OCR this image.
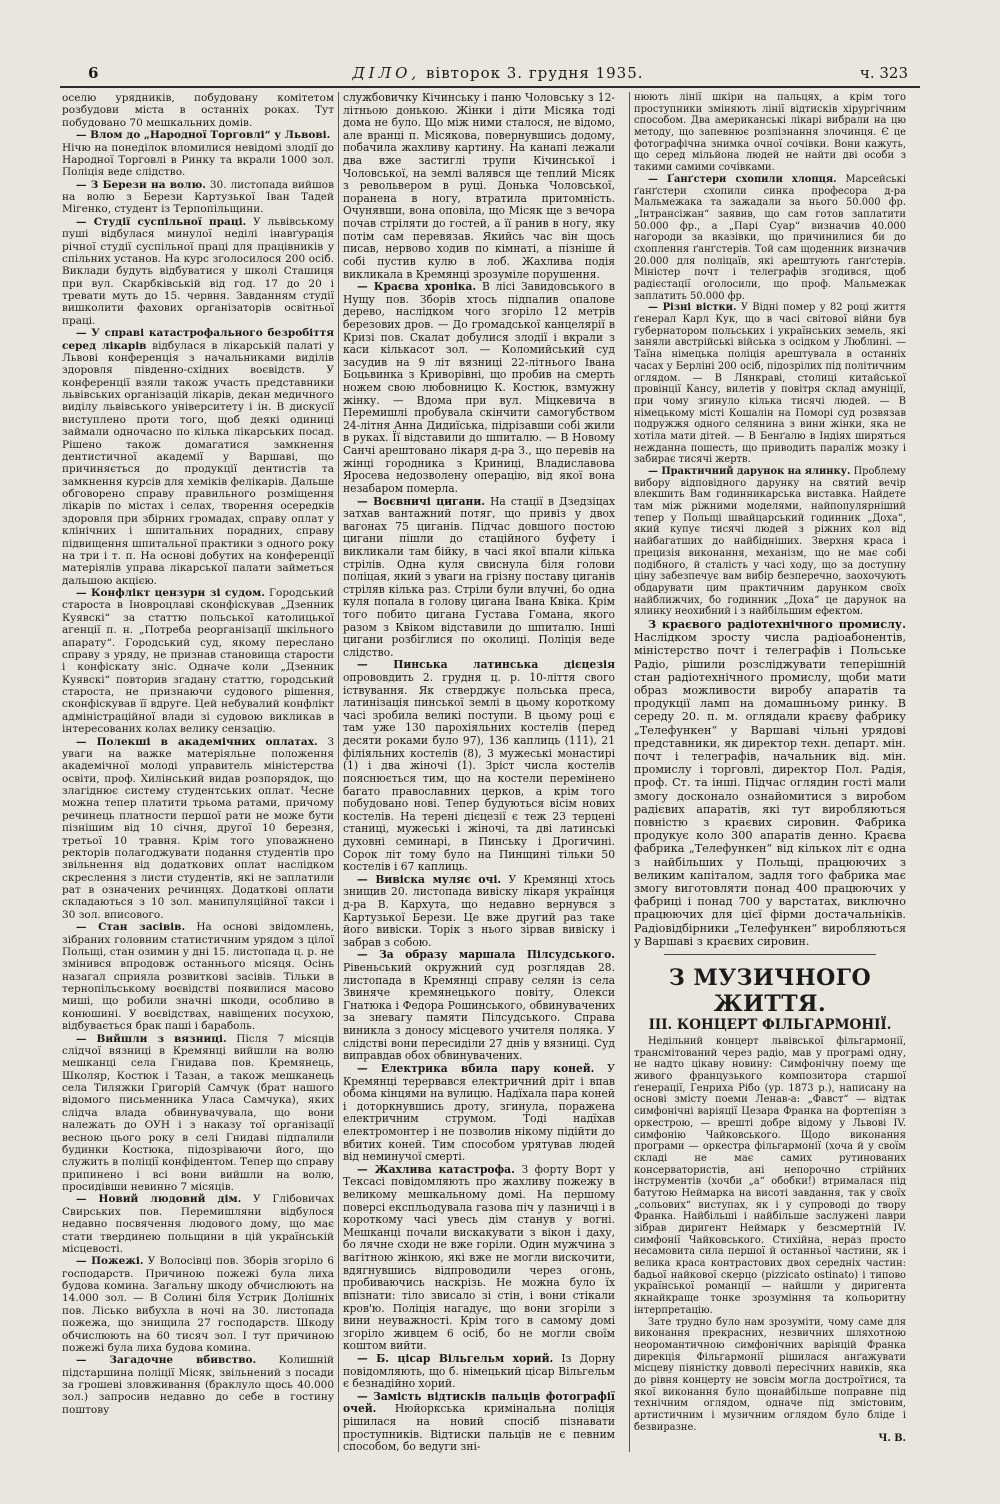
6	ДІЛО, вівторок 3. грудня 1935.	ч. 323

оселю урядників, побудовану комітетом розбудови міста в останніх роках. Тут побудовано 70 мешкальних домів.

— Влом до „Народної Торговлі“ у Львові.

Нічю на понеділок вломилися невідомі злодії до Народної Торговлі в Ринку та вкрали 1000 зол. Поліція веде слідство.

— З Берези на волю. 30. листопада вийшов на волю з Берези Картузької Іван Тадей Мігенко, студент із Терпопільщини.

— Студії суспільної праці. У львівському пуші відбулася минулої неділі інавґурація річної студії суспільної праці для працівників у спільних установ. На курс зголосилося 200 осіб. Виклади будуть відбуватися у школі Сташиця при вул. Скарбківській від год. 17 до 20 і тревати муть до 15. червня. Завданням студії вишколити фахових організаторів освітньої праці.

— У справі катастрофального безробіття серед лікарів відбулася в лікарській палаті у Львові конференція з начальниками виділів здоровля південно-східних воєвідств. У конференції взяли також участь представники львівських організацій лікарів, декан медичного виділу львівського університету і ін. В дискусії виступлено проти того, щоб деякі одиниці займали одночасно по кілька лікарських посад. Рішено також домагатися замкнення дентистичної академії у Варшаві, що причиняється до продукції дентистів та замкнення курсів для хеміків фелікарів. Дальше обговорено справу правильного розміщення лікарів по містах і селах, творення осередків здоровля при збірних громадах, справу оплат у клінічних і шпитальних порадних, справу підвищення шпитальної практики з одного року на три і т. п. На основі добутих на конференції матеріялів управа лікарської палати займеться дальшою акцією.

— Конфлікт цензури зі судом. Городський староста в Іновроцлаві сконфіскував „Дзенник Куявскі“ за статтю польської католицької агенції п. н. „Потреба реорганізації шкільного апарату“. Городський суд, якому переслано справу з уряду, не признав становища старости і конфіскату зніс. Одначе коли „Дзенник Куявскі“ повторив згадану статтю, городський староста, не признаючи судового рішення, сконфіскував її вдруге. Цей небувалий конфлікт адміністраційної влади зі судовою викликав в інтересованих колах велику сензацію.

— Полекші в академічних оплатах. З уваги на важке матеріяльне положення академічної молоді управитель міністерства освіти, проф. Хилінський видав розпорядок, що злагіднює систему студентських оплат. Чесне можна тепер платити трьома ратами, причому речинець платности першої рати не може бути пізнішим від 10 січня, другої 10 березня, третьої 10 травня. Крім того уповажнено ректорів полагоджувати подання студентів про звільнення від додаткових оплат наслідком скреслення з листи студентів, які не заплатили рат в означених речинцях. Додаткові оплати складаються з 10 зол. манипуляційної такси і 30 зол. вписового.

— Стан засівів. На основі звідомлень, зібраних головним статистичним урядом з цілої Польщі, стан озимин у дні 15. листопада ц. р. не змінився впродовж останнього місяця. Осінь назагал сприяла розвиткові засівів. Тільки в тернопільському воєвідстві появилися масово миші, що робили значні шкоди, особливо в конюшині. У воєвідствах, навіщених посухою, відбувається брак паші і бараболь.

— Вийшли з вязниці. Після 7 місяців слідчої вязниці в Кремянці вийшли на волю мешканці села Гнидава пов. Кремянець, Школяр, Костюк і Тазан, а також мешканець села Тиляжки Григорій Самчук (брат нашого відомого письменника Уласа Самчука), яких слідча влада обвинувачувала, що вони належать до ОУН і з наказу тої організації весною цього року в селі Гнидаві підпалили будинки Костюка, підозріваючи його, що служить в поліції конфідентом. Тепер що справу припинено і всі вони вийшли на волю, просидівши невинно 7 місяців.

— Новий людовий дім. У Глібовичах Свирських пов. Перемишляни відбулося недавно посвячення людового дому, що має стати твердинею польщини в цій українській місцевості.

— Пожежі. У Волосівці пов. Зборів згоріло 6 господарств. Причиною пожежі була лиха будова комина. Загальну шкоду обчислюють на 14.000 зол. — В Солині біля Устрик Долішніх пов. Лісько вибухла в ночі на 30. листопада пожежа, що знищила 27 господарств. Шкоду обчислюють на 60 тисяч зол. І тут причиною пожежі була лиха будова комина.

— Загадочне вбивство. Колишній підстаршина поліції Місяк, звільнений з посади за грошеві зловживання (браклуло щось 40.000 зол.) запросив недавно до себе в гостину поштову

службовичку Кічинську і паню Чоловську з 12-літньою донькою. Жінки і діти Місяка тоді дома не було. Що між ними сталося, не відомо, але вранці п. Місякова, повернувшись додому, побачила жахливу картину. На канапі лежали два вже застиглі трупи Кічинської і Чоловської, на землі валявся ще теплий Місяк з револьвером в руці. Донька Чоловської, поранена в ногу, втратила притомність. Очунявши, вона оповіла, що Місяк ще з вечора почав стріляти до гостей, а її ранив в ногу, яку потім сам перевязав. Якийсь час він щось писав, нервово ходив по кімнаті, а пізніше й собі пустив кулю в лоб. Жахлива подія викликала в Кремянці зрозуміле порушення.

— Краєва хроніка. В лісі Завидовського в Нущу пов. Зборів хтось підпалив опалове дерево, наслідком чого згоріло 12 метрів березових дров. — До громадської канцелярії в Кризі пов. Скалат добулися злодії і вкрали з каси кількасот зол. — Коломийський суд засудив на 9 літ вязниці 22-літнього Івана Боцьвинка з Криворівні, що пробив на смерть ножем свою любовницю К. Костюк, взмужну жінку. — Вдома при вул. Міцкевича в Перемишлі пробувала скінчити самогубством 24-літня Анна Дидиїська, підрізавши собі жили в руках. Її відставили до шпиталю. — В Новому Санчі арештовано лікаря д-ра З., що перевів на жінці городника з Криниці, Владиславова Яросева недозволену операцію, від якої вона незабаром померла.

— Воєвничі цигани. На стації в Дзедзіцах затхав вантажний потяг, що привіз у двох вагонах 75 циганів. Підчас довшого постою цигани пішли до стаційного буфету і викликали там бійку, в часі якої впали кілька стрілів. Одна куля свиснула біля голови поліцая, який з уваги на грізну поставу циганів стріляв кілька раз. Стріли були влучні, бо одна куля попала в голову цигана Івана Квіка. Крім того побито цигана Густава Гомана, якого разом з Квіком відставили до шпиталю. Інші цигани розбіглися по околиці. Поліція веде слідство.

— Пинська латинська дієцезія опрововдить 2. грудня ц. р. 10-ліття свого іствування. Як стверджує польська преса, латинізація пинської землі в цьому короткому часі зробила великі поступи. В цьому році є там уже 130 парохіяльних костелів (перед десяти роками було 97), 136 каплиць (111), 21 філіяльних костелів (8), 3 мужеські монастирі (1) і два жіночі (1). Зріст числа костелів пояснюється тим, що на костели перемінено багато православних церков, а крім того побудовано нові. Тепер будуються вісім нових костелів. На терені дієцезії є теж 23 терцені станиці, мужеські і жіночі, та дві латинські духовні семинарі, в Пинську і Дрогичині. Сорок літ тому було на Пинщині тільки 50 костелів і 67 каплиць.

— Вивіска муляє очі. У Кремянці хтось знищив 20. листопада вивіску лікаря українця д-ра В. Кархута, що недавно вернувся з Картузької Берези. Це вже другий раз таке його вивіски. Торік з нього зірвав вивіску і забрав з собою.

— За образу маршала Пілсудського. Рівеньський окружний суд розглядав 28. листопада в Кремянці справу селян із села Звиняче кремянецького повіту, Олекси Гнатюка і Федора Рошинського, обвинувачених за зневагу памяти Пілсудського. Справа виникла з доносу місцевого учителя поляка. У слідстві вони пересиділи 27 днів у вязниці. Суд виправдав обох обвинувачених.

— Електрика вбила пару коней. У Кремянці терервався електричний дріт і впав обома кінцями на вулицю. Надїхала пара коней і доторкнувшись дроту, згинула, поражена електричним струмом. Тоді надїхав електромонтер і не позволив нікому підійти до вбитих коней. Тим способом урятував людей від неминучої смерті.

— Жахлива катастрофа. З форту Ворт у Тексасі повідомляють про жахливу пожежу в великому мешкальному домі. На першому поверсі експльодувала газова піч у лазничці і в короткому часі увесь дім станув у вогні. Мешканці почали вискакувати з вікон і даху, бо лячне сходи не вже горіли. Один мужчина з вагітною жінкою, які вже не могли вискочити, вдягнувшись відпроводили через огонь, пробиваючись наскрізь. Не можна було їх впізнати: тіло звисало зі стін, і вони стікали кров'ю. Поліція нагадує, що вони згоріли з вини неуважності. Крім того в самому домі згоріло живцем 6 осіб, бо не могли своїм коштом вийти.

— Б. цісар Вільгельм хорий. Із Дорну повідомляють, що б. німецький цісар Вільгельм є безнадійно хорий.

— Замість відтисків пальців фотографії очей. Нюйоркська кримінальна поліція рішилася на новий спосіб пізнавати проступників. Відтиски пальців не є певним способом, бо ведуги зні-

нюють лінії шкіри на пальцях, а крім того проступники зміняють лінії відтисків хірургічним способом. Два американські лікарі вибрали на цю методу, що запевнює розпізнання злочинця. Є це фотографічна знимка очної сочівки. Вони кажуть, що серед мільйона людей не найти дві особи з такими самими сочівками.

— Ґанґстери схопили хлопця. Марсейські ґанґстери схопили синка професора д-ра Мальмежака та зажадали за нього 50.000 фр. „Інтрансіжан“ заявив, що сам готов заплатити 50.000 фр., а „Парі Суар“ визначив 40.000 нагороди за вказівки, що причинилися би до схоплення ґанґстерів. Той сам щоденник визначив 20.000 для поліцаїв, які арештують ґанґстерів. Міністер почт і телеграфів згодився, щоб радієстації оголосили, що проф. Мальмежак заплатить 50.000 фр.

— Різні вістки. У Відні помер у 82 році життя ґенерал Карл Кук, що в часі світової війни був губернатором польських і українських земель, які заняли австрійські війська з осідком у Люблині. — Таїна німецька поліція арештувала в останніх часах у Берліні 200 осіб, підозрілих під політичним оглядом. — В Лянкраві, столиці китайської провінції Кансу, вилетів у повітря склад амуніції, при чому згинуло кілька тисячі людей. — В німецькому місті Кошалін на Поморі суд розвязав подружжя одного селянина з вини жінки, яка не хотіла мати дітей. — В Бенґалю в Індіях ширяться нежданна пошесть, що приводить параліж мозку і забирає тисячі жертв.

— Практичний дарунок на ялинку. Проблему вибору відповідного дарунку на святий вечір влекшить Вам годинникарська виставка. Найдете там між ріжними моделями, найпопулярніший тепер у Польщі швайцарський годинник „Доха“, який купує тисячі людей з ріжних кол від найбагатших до найбідніших. Зверхня краса і прецизія виконання, механізм, що не має собі подібного, й сталість у часі ходу, що за доступну ціну забезпечує вам вибір безперечно, заохочують обдарувати цим практичним дарунком своїх найближчих, бо годинник „Доха“ це дарунок на ялинку неохибний і з найбільшим ефектом.

З краєвого радіотехнічного промислу. Наслідком зросту числа радіоабонентів, міністерство почт і телеграфів і Польське Радіо, рішили розсліджувати теперішній стан радіотехнічного промислу, щоби мати образ можливости виробу апаратів та продукції ламп на домашньому ринку. В середу 20. п. м. оглядали краєву фабрику „Телефункен“ у Варшаві чільні урядові представники, як директор техн. департ. мін. почт і телеграфів, начальник від. мін. промислу і торговлі, директор Пол. Радія, проф. Ст. та інші. Підчас оглядин гості мали змогу досконало ознайомитися з виробом радієвих апаратів, які тут виробляються повністю з краєвих сировин. Фабрика продукує коло 300 апаратів денно. Краєва фабрика „Телефункен“ від кількох літ є одна з найбільших у Польщі, працюючих з великим капіталом, задля того фабрика має змогу виготовляти понад 400 працюючих у фабриці і понад 700 у варстатах, виключно працюючих для цієї фірми достачальніків. Радіовідбірники „Телефункен“ виробляються у Варшаві з краєвих сировин.

З МУЗИЧНОГО ЖИТТЯ.
III. КОНЦЕРТ ФІЛЬГАРМОНІЇ.

Недільний концерт львівської фільгармонії, трансмітований через радіо, мав у програмі одну, не надто цікаву новину: Симфонічну поему ще живого французького композитора старшої ґенерації, Генриха Рібо (ур. 1873 р.), написану на основі змісту поеми Ленав-а: „Фавст“ — відтак симфонічні варіяції Цезара Франка на фортепіян з оркестрою, — врешті добре відому у Львові IV. симфонію Чайковського. Щодо виконання програми — оркестра фільгармонії (хоча й у своїм складі не має самих рутинованих консерватористів, ані непорочно стрійних інструментів (хочби „а“ обобки!) втрималася під батутою Неймарка на висоті завдання, так у своїх „сольових“ виступах, як і у супроводі до твору Франка. Найбільші і найбільше заслужені лаври зібрав диригент Неймарк у безсмертній IV. симфонії Чайковського. Стихійна, нераз просто несамовита сила першої й останньої частини, як і велика краса контрастових двох середніх частин: бадьої найкової скерцо (pizzicato ostinato) і типово української романції — найшли у диригента якнайкраще тонке зрозуміння та кольоритну інтерпретацію.

Зате трудно було нам зрозуміти, чому саме для виконання прекрасних, незвичних шляхотною неоромантичною симфонічних варіяцій Франка дирекція Фільгармонії рішилася анґажувати місцеву піяністку довволі пересічних навиків, яка до рівня концерту не зовсім могла достроїтися, та якої виконання було щонайбільше поправне під технічним оглядом, одначе під змістовим, артистичним і музичним оглядом було бліде і безвиразне.

Ч. В.
